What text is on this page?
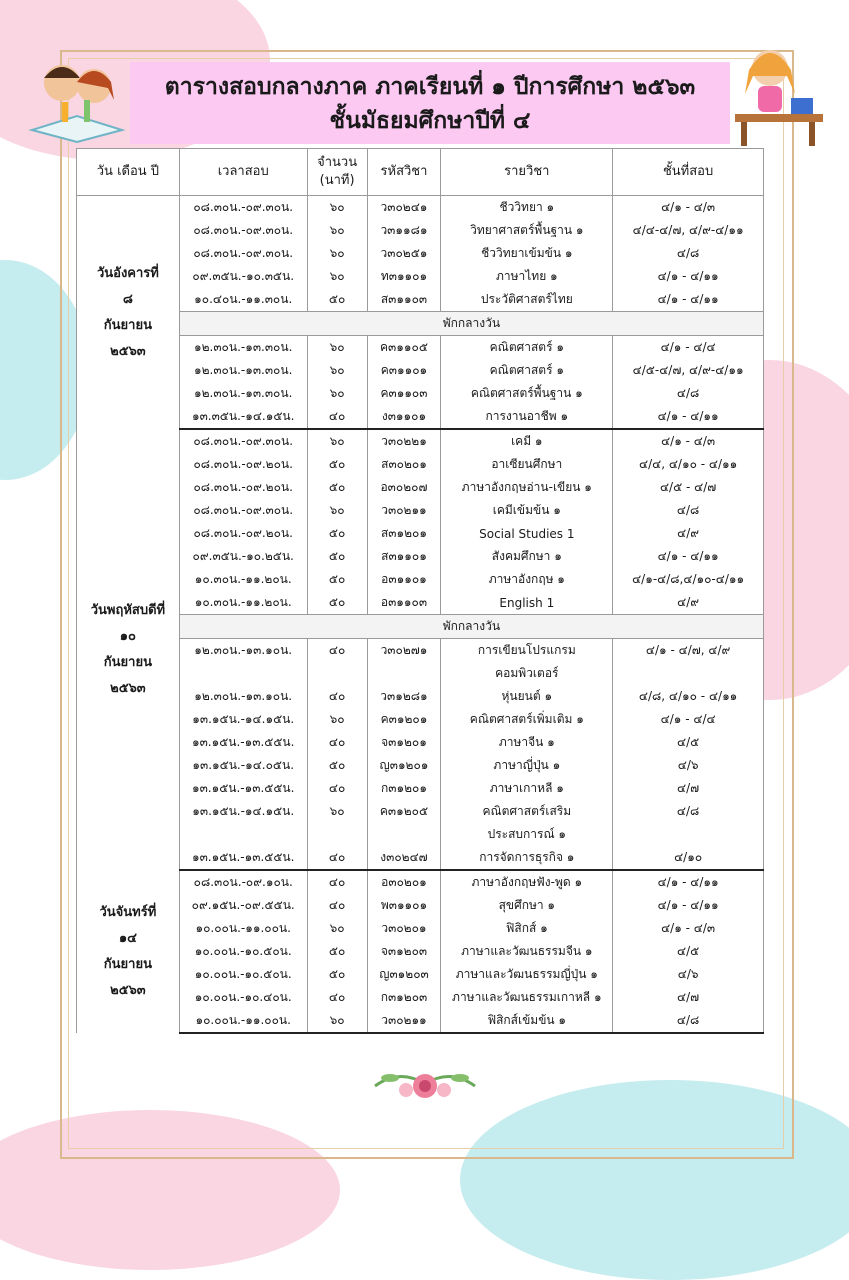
ตารางสอบกลางภาค ภาคเรียนที่ ๑ ปีการศึกษา ๒๕๖๓
ชั้นมัธยมศึกษาปีที่ ๔
วัน เดือน ปี	เวลาสอบ	จำนวน (นาที)	รหัสวิชา	รายวิชา	ชั้นที่สอบ

วันอังคารที่
๘
กันยายน
๒๕๖๓	๐๘.๓๐น.-๐๙.๓๐น.	๖๐	ว๓๐๒๔๑	ชีววิทยา ๑	๔/๑ - ๔/๓
	๐๘.๓๐น.-๐๙.๓๐น.	๖๐	ว๓๑๑๘๑	วิทยาศาสตร์พื้นฐาน ๑	๔/๔-๔/๗, ๔/๙-๔/๑๑
	๐๘.๓๐น.-๐๙.๓๐น.	๖๐	ว๓๐๒๕๑	ชีววิทยาเข้มข้น ๑	๔/๘
	๐๙.๓๕น.-๑๐.๓๕น.	๖๐	ท๓๑๑๐๑	ภาษาไทย ๑	๔/๑ - ๔/๑๑
	๑๐.๔๐น.-๑๑.๓๐น.	๕๐	ส๓๑๑๐๓	ประวัติศาสตร์ไทย	๔/๑ - ๔/๑๑
	พักกลางวัน				
	๑๒.๓๐น.-๑๓.๓๐น.	๖๐	ค๓๑๑๐๕	คณิตศาสตร์ ๑	๔/๑ - ๔/๔
	๑๒.๓๐น.-๑๓.๓๐น.	๖๐	ค๓๑๑๐๑	คณิตศาสตร์ ๑	๔/๕-๔/๗, ๔/๙-๔/๑๑
	๑๒.๓๐น.-๑๓.๓๐น.	๖๐	ค๓๑๑๐๓	คณิตศาสตร์พื้นฐาน ๑	๔/๘
	๑๓.๓๕น.-๑๔.๑๕น.	๔๐	ง๓๑๑๐๑	การงานอาชีพ ๑	๔/๑ - ๔/๑๑

วันพฤหัสบดีที่
๑๐
กันยายน
๒๕๖๓	๐๘.๓๐น.-๐๙.๓๐น.	๖๐	ว๓๐๒๒๑	เคมี ๑	๔/๑ - ๔/๓
	๐๘.๓๐น.-๐๙.๒๐น.	๕๐	ส๓๐๒๐๑	อาเซียนศึกษา	๔/๔, ๔/๑๐ - ๔/๑๑
	๐๘.๓๐น.-๐๙.๒๐น.	๕๐	อ๓๐๒๐๗	ภาษาอังกฤษอ่าน-เขียน ๑	๔/๕ - ๔/๗
	๐๘.๓๐น.-๐๙.๓๐น.	๖๐	ว๓๐๒๑๑	เคมีเข้มข้น ๑	๔/๘
	๐๘.๓๐น.-๐๙.๒๐น.	๕๐	ส๓๑๒๐๑	Social Studies 1	๔/๙
	๐๙.๓๕น.-๑๐.๒๕น.	๕๐	ส๓๑๑๐๑	สังคมศึกษา ๑	๔/๑ - ๔/๑๑
	๑๐.๓๐น.-๑๑.๒๐น.	๕๐	อ๓๑๑๐๑	ภาษาอังกฤษ ๑	๔/๑-๔/๘,๔/๑๐-๔/๑๑
	๑๐.๓๐น.-๑๑.๒๐น.	๕๐	อ๓๑๑๐๓	English 1	๔/๙
	พักกลางวัน				
	๑๒.๓๐น.-๑๓.๑๐น.	๔๐	ว๓๐๒๗๑	การเขียนโปรแกรม	๔/๑ - ๔/๗, ๔/๙
				คอมพิวเตอร์	
	๑๒.๓๐น.-๑๓.๑๐น.	๔๐	ว๓๑๒๘๑	หุ่นยนต์ ๑	๔/๘, ๔/๑๐ - ๔/๑๑
	๑๓.๑๕น.-๑๔.๑๕น.	๖๐	ค๓๑๒๐๑	คณิตศาสตร์เพิ่มเติม ๑	๔/๑ - ๔/๔
	๑๓.๑๕น.-๑๓.๕๕น.	๔๐	จ๓๑๒๐๑	ภาษาจีน ๑	๔/๕
	๑๓.๑๕น.-๑๔.๐๕น.	๕๐	ญ๓๑๒๐๑	ภาษาญี่ปุ่น ๑	๔/๖
	๑๓.๑๕น.-๑๓.๕๕น.	๔๐	ก๓๑๒๐๑	ภาษาเกาหลี ๑	๔/๗
	๑๓.๑๕น.-๑๔.๑๕น.	๖๐	ค๓๑๒๐๕	คณิตศาสตร์เสริม	๔/๘
				ประสบการณ์ ๑	
	๑๓.๑๕น.-๑๓.๕๕น.	๔๐	ง๓๐๒๔๗	การจัดการธุรกิจ ๑	๔/๑๐

วันจันทร์ที่
๑๔
กันยายน
๒๕๖๓	๐๘.๓๐น.-๐๙.๑๐น.	๔๐	อ๓๐๒๐๑	ภาษาอังกฤษฟัง-พูด ๑	๔/๑ - ๔/๑๑
	๐๙.๑๕น.-๐๙.๕๕น.	๔๐	พ๓๑๑๐๑	สุขศึกษา ๑	๔/๑ - ๔/๑๑
	๑๐.๐๐น.-๑๑.๐๐น.	๖๐	ว๓๐๒๐๑	ฟิสิกส์ ๑	๔/๑ - ๔/๓
	๑๐.๐๐น.-๑๐.๕๐น.	๕๐	จ๓๑๒๐๓	ภาษาและวัฒนธรรมจีน ๑	๔/๕
	๑๐.๐๐น.-๑๐.๕๐น.	๕๐	ญ๓๑๒๐๓	ภาษาและวัฒนธรรมญี่ปุ่น ๑	๔/๖
	๑๐.๐๐น.-๑๐.๔๐น.	๔๐	ก๓๑๒๐๓	ภาษาและวัฒนธรรมเกาหลี ๑	๔/๗
	๑๐.๐๐น.-๑๑.๐๐น.	๖๐	ว๓๐๒๑๑	ฟิสิกส์เข้มข้น ๑	๔/๘
